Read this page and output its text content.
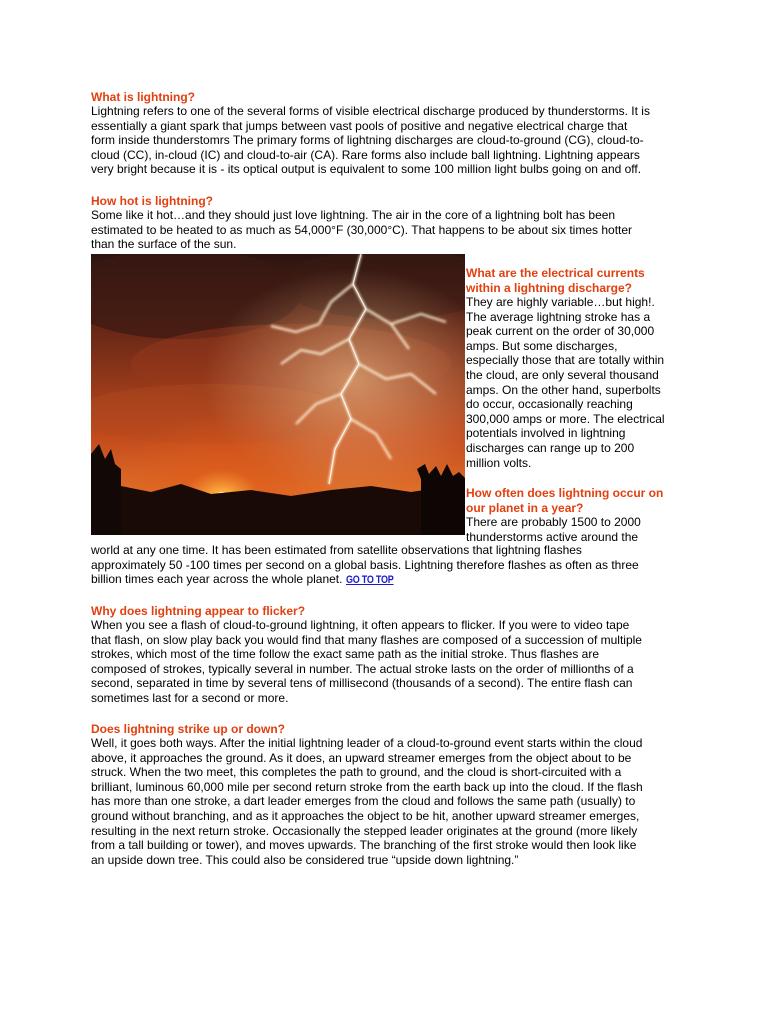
What is lightning?

Lightning refers to one of the several forms of visible electrical discharge produced by thunderstorms. It is
essentially a giant spark that jumps between vast pools of positive and negative electrical charge that
form inside thunderstomrs The primary forms of lightning discharges are cloud-to-ground (CG), cloud-to-
cloud (CC), in-cloud (IC) and cloud-to-air (CA). Rare forms also include ball lightning. Lightning appears
very bright because it is - its optical output is equivalent to some 100 million light bulbs going on and off.

How hot is lightning?

Some like it hot…and they should just love lightning. The air in the core of a lightning bolt has been
estimated to be heated to as much as 54,000°F (30,000°C). That happens to be about six times hotter
than the surface of the sun.

What are the electrical currents
within a lightning discharge?

They are highly variable…but high!.
The average lightning stroke has a
peak current on the order of 30,000
amps. But some discharges,
especially those that are totally within
the cloud, are only several thousand
amps. On the other hand, superbolts
do occur, occasionally reaching
300,000 amps or more. The electrical
potentials involved in lightning
discharges can range up to 200
million volts.

How often does lightning occur on
our planet in a year?

There are probably 1500 to 2000
thunderstorms active around the

world at any one time. It has been estimated from satellite observations that lightning flashes
approximately 50 -100 times per second on a global basis. Lightning therefore flashes as often as three
billion times each year across the whole planet. GO TO TOP

Why does lightning appear to flicker?

When you see a flash of cloud-to-ground lightning, it often appears to flicker. If you were to video tape
that flash, on slow play back you would find that many flashes are composed of a succession of multiple
strokes, which most of the time follow the exact same path as the initial stroke. Thus flashes are
composed of strokes, typically several in number. The actual stroke lasts on the order of millionths of a
second, separated in time by several tens of millisecond (thousands of a second). The entire flash can
sometimes last for a second or more.

Does lightning strike up or down?

Well, it goes both ways. After the initial lightning leader of a cloud-to-ground event starts within the cloud
above, it approaches the ground. As it does, an upward streamer emerges from the object about to be
struck. When the two meet, this completes the path to ground, and the cloud is short-circuited with a
brilliant, luminous 60,000 mile per second return stroke from the earth back up into the cloud. If the flash
has more than one stroke, a dart leader emerges from the cloud and follows the same path (usually) to
ground without branching, and as it approaches the object to be hit, another upward streamer emerges,
resulting in the next return stroke. Occasionally the stepped leader originates at the ground (more likely
from a tall building or tower), and moves upwards. The branching of the first stroke would then look like
an upside down tree. This could also be considered true “upside down lightning.”
